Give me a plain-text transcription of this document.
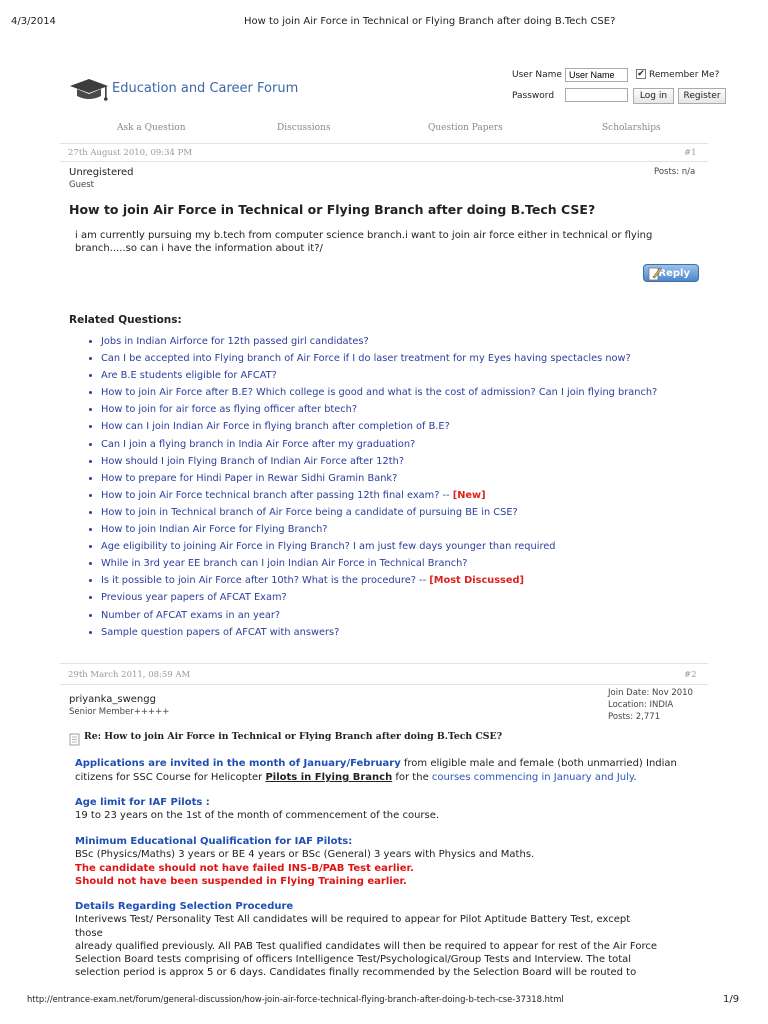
4/3/2014	How to join Air Force in Technical or Flying Branch after doing B.Tech CSE?
Education and Career Forum
User Name
User Name	✔ Remember Me?
Password	Log in	Register
Ask a Question	Discussions	Question Papers	Scholarships
27th August 2010, 09:34 PM	#1
Unregistered
Guest
Posts: n/a
How to join Air Force in Technical or Flying Branch after doing B.Tech CSE?
i am currently pursuing my b.tech from computer science branch.i want to join air force either in technical or flying
branch.....so can i have the information about it?/
Reply
Related Questions:
• Jobs in Indian Airforce for 12th passed girl candidates?
• Can I be accepted into Flying branch of Air Force if I do laser treatment for my Eyes having spectacles now?
• Are B.E students eligible for AFCAT?
• How to join Air Force after B.E? Which college is good and what is the cost of admission? Can I join flying branch?
• How to join for air force as flying officer after btech?
• How can I join Indian Air Force in flying branch after completion of B.E?
• Can I join a flying branch in India Air Force after my graduation?
• How should I join Flying Branch of Indian Air Force after 12th?
• How to prepare for Hindi Paper in Rewar Sidhi Gramin Bank?
• How to join Air Force technical branch after passing 12th final exam? -- [New]
• How to join in Technical branch of Air Force being a candidate of pursuing BE in CSE?
• How to join Indian Air Force for Flying Branch?
• Age eligibility to joining Air Force in Flying Branch? I am just few days younger than required
• While in 3rd year EE branch can I join Indian Air Force in Technical Branch?
• Is it possible to join Air Force after 10th? What is the procedure? -- [Most Discussed]
• Previous year papers of AFCAT Exam?
• Number of AFCAT exams in an year?
• Sample question papers of AFCAT with answers?
29th March 2011, 08:59 AM	#2
priyanka_swengg
Senior Member+++++
Join Date: Nov 2010
Location: INDIA
Posts: 2,771
Re: How to join Air Force in Technical or Flying Branch after doing B.Tech CSE?
Applications are invited in the month of January/February from eligible male and female (both unmarried) Indian
citizens for SSC Course for Helicopter Pilots in Flying Branch for the courses commencing in January and July.
Age limit for IAF Pilots :
19 to 23 years on the 1st of the month of commencement of the course.
Minimum Educational Qualification for IAF Pilots:
BSc (Physics/Maths) 3 years or BE 4 years or BSc (General) 3 years with Physics and Maths.
The candidate should not have failed INS-B/PAB Test earlier.
Should not have been suspended in Flying Training earlier.
Details Regarding Selection Procedure
Interivews Test/ Personality Test All candidates will be required to appear for Pilot Aptitude Battery Test, except
those
already qualified previously. All PAB Test qualified candidates will then be required to appear for rest of the Air Force
Selection Board tests comprising of officers Intelligence Test/Psychological/Group Tests and Interview. The total
selection period is approx 5 or 6 days. Candidates finally recommended by the Selection Board will be routed to
http://entrance-exam.net/forum/general-discussion/how-join-air-force-technical-flying-branch-after-doing-b-tech-cse-37318.html	1/9
